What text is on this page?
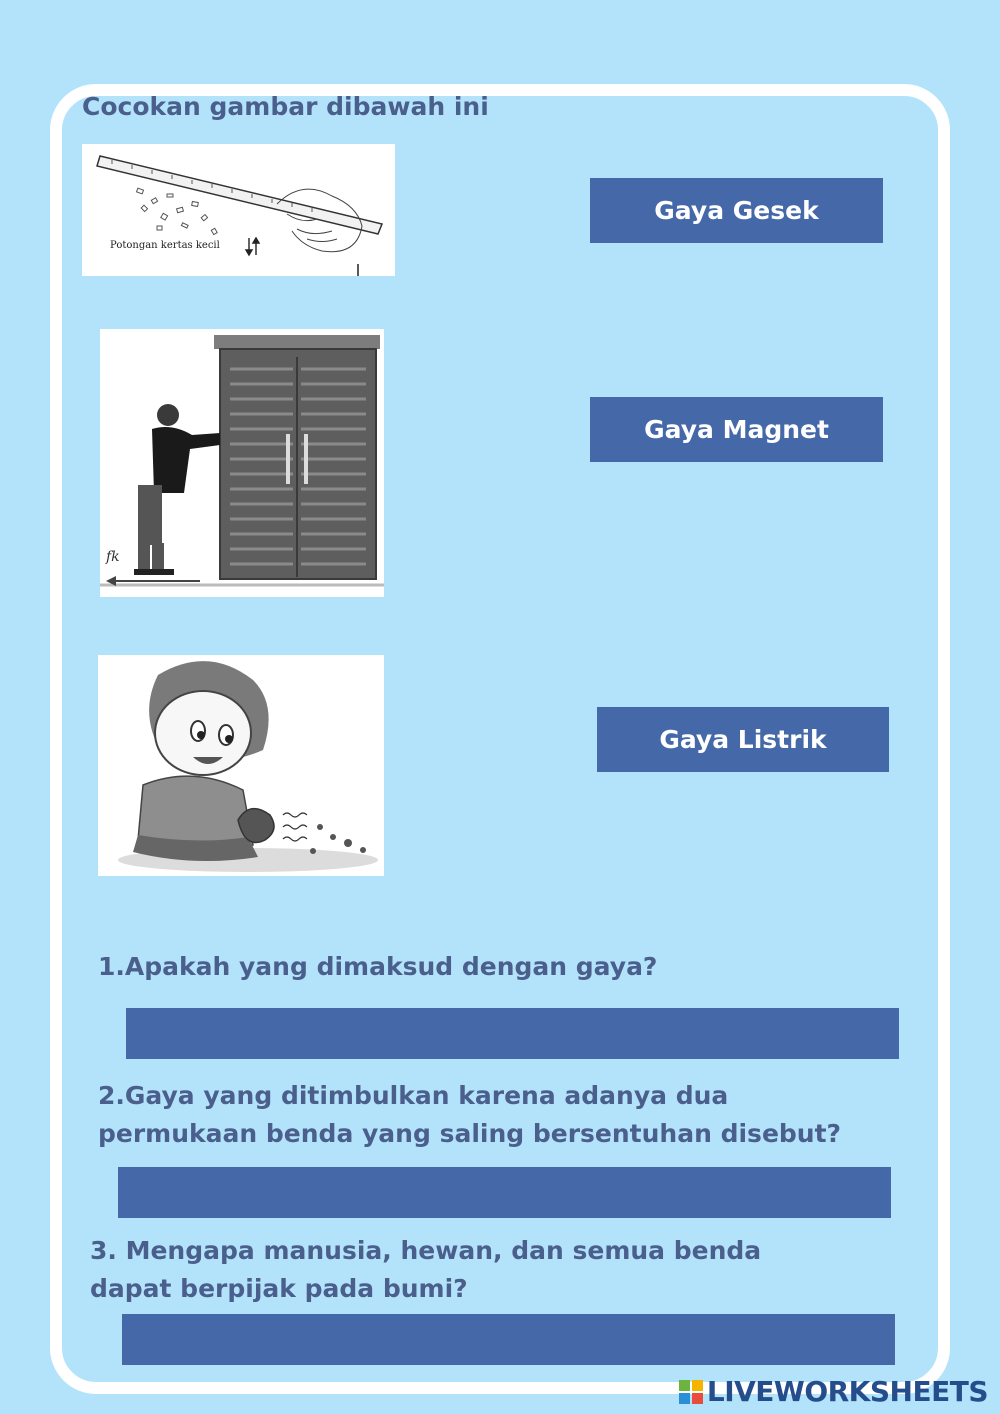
Cocokan gambar dibawah ini
Potongan kertas kecil
fk
Gaya Gesek
Gaya Magnet
Gaya Listrik
1.Apakah yang dimaksud dengan gaya?
2.Gaya yang ditimbulkan karena adanya dua permukaan benda yang saling bersentuhan disebut?
3. Mengapa manusia, hewan, dan semua benda dapat berpijak pada bumi?
LIVEWORKSHEETS
